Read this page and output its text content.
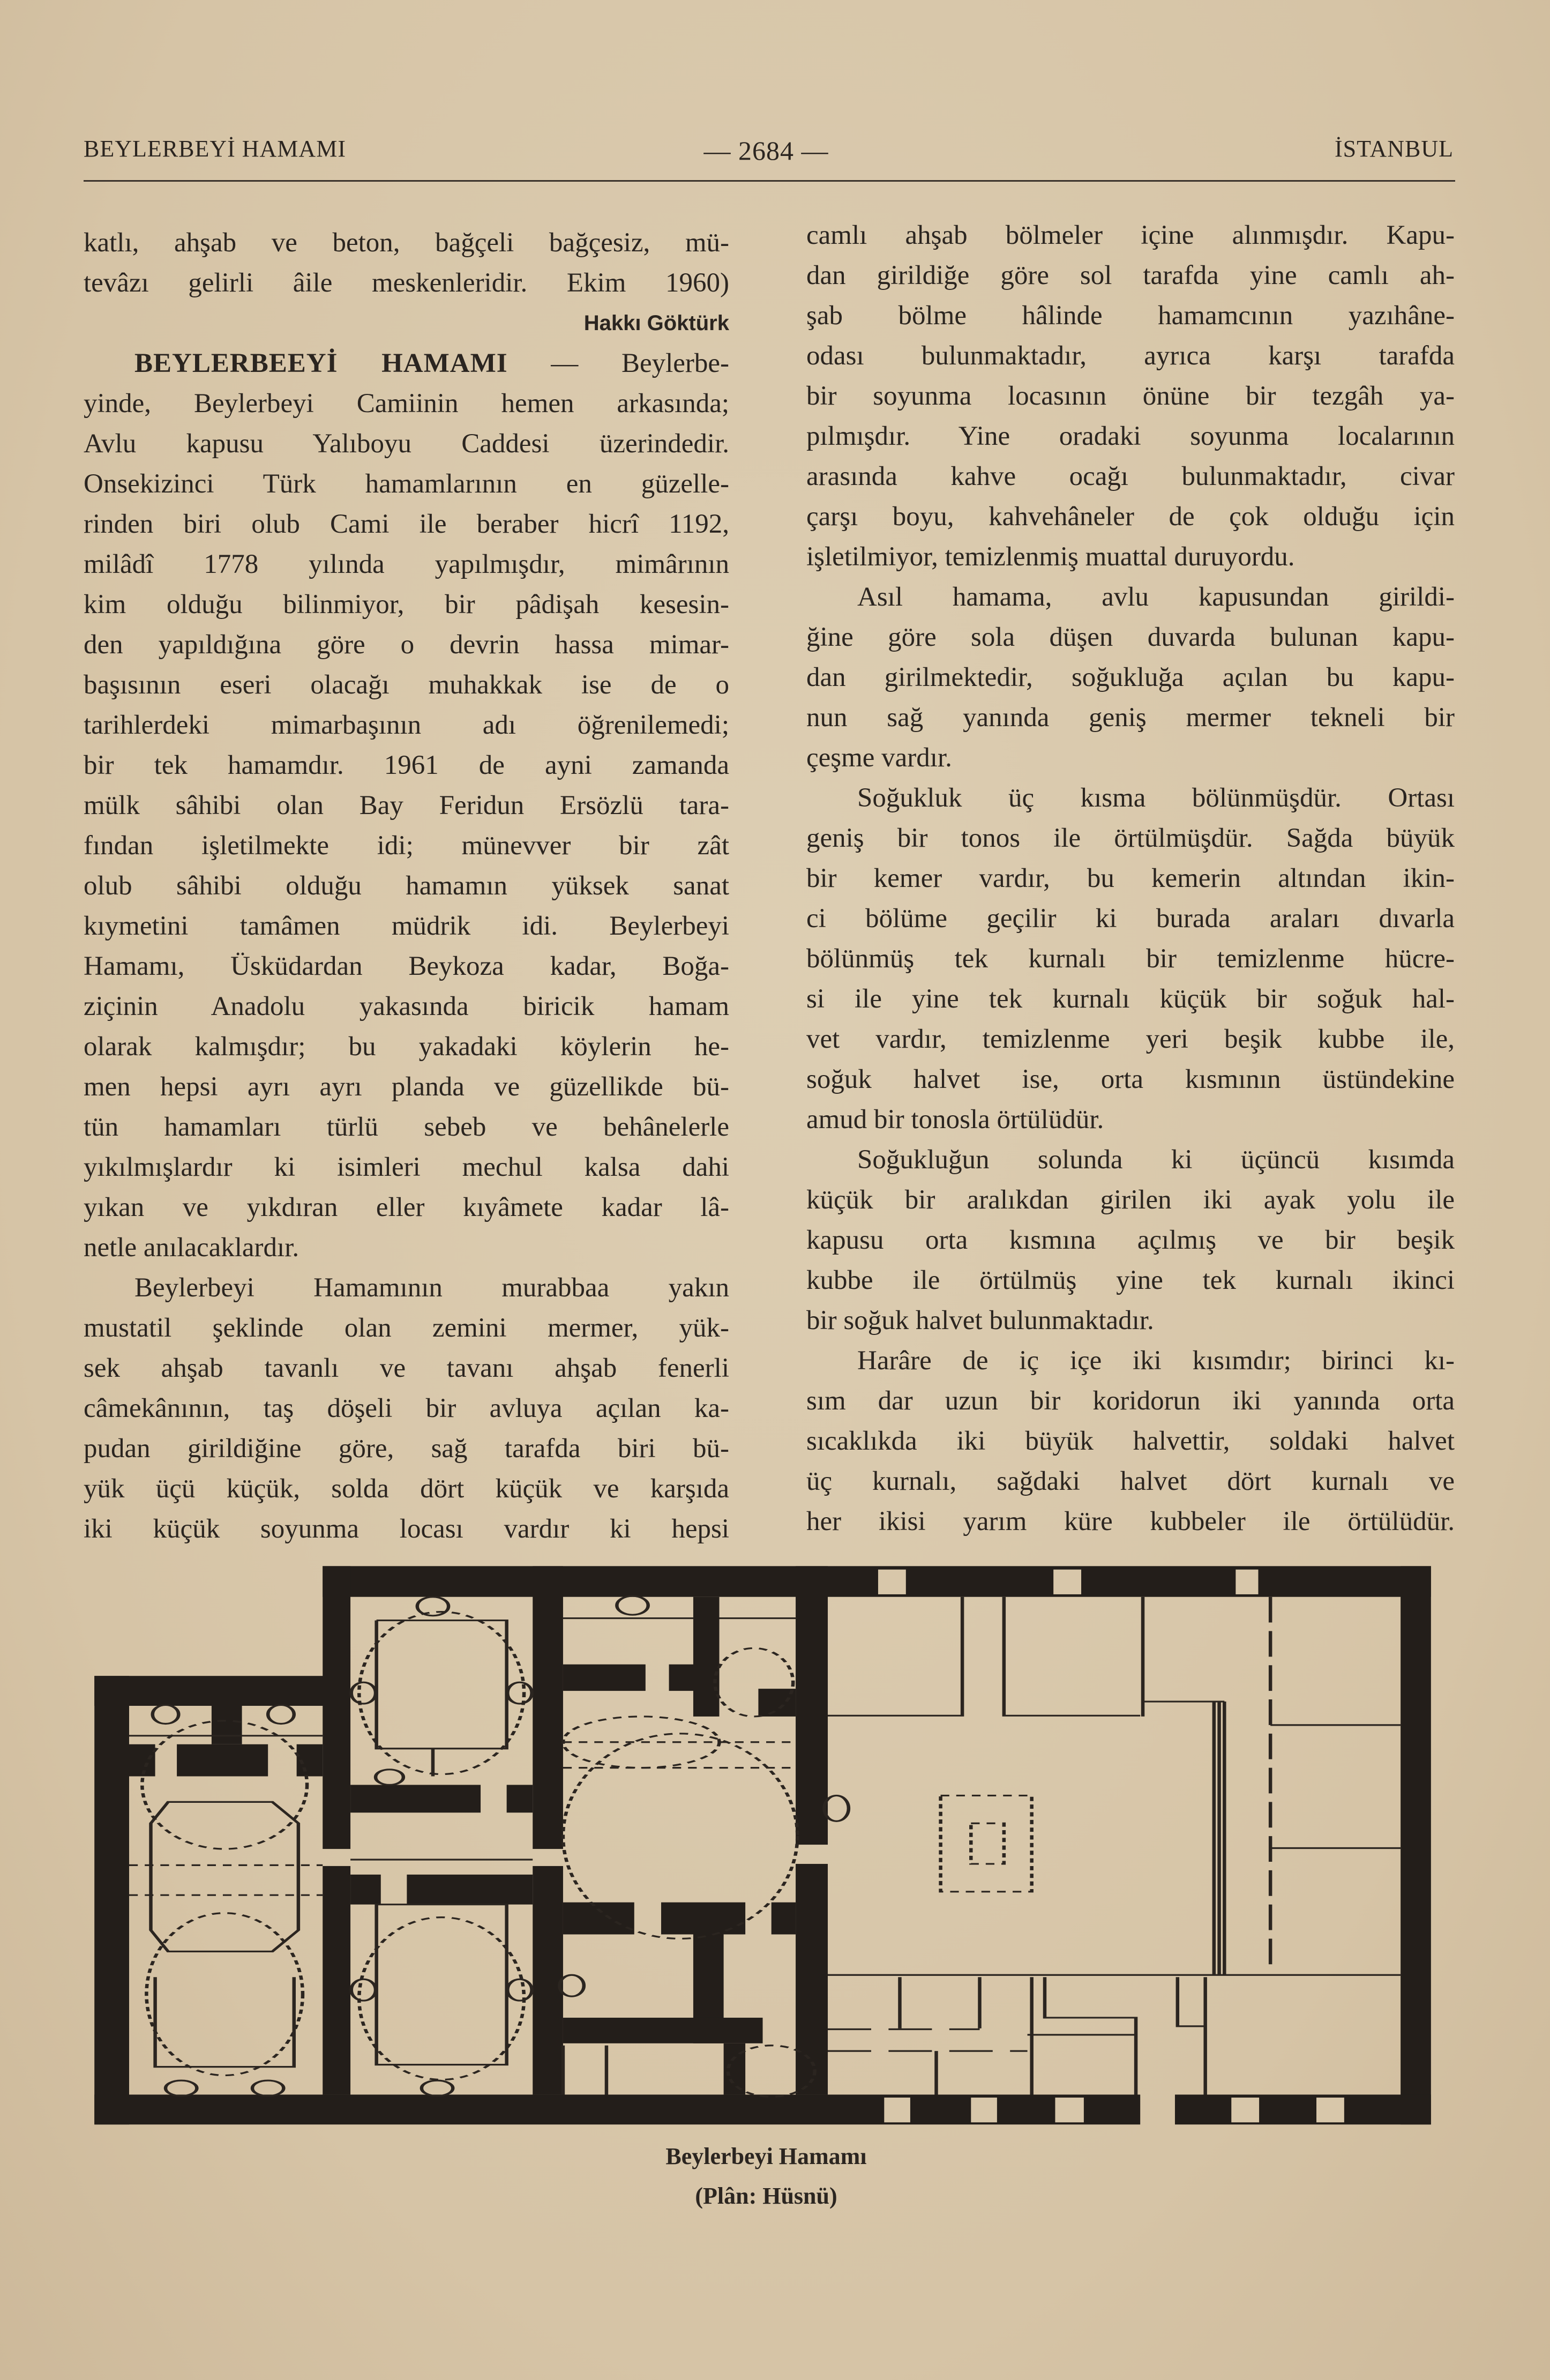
BEYLERBEYİ HAMAMI	— 2684 —	İSTANBUL
katlı, ahşab ve beton, bağçeli bağçesiz, mü-
tevâzı gelirli âile meskenleridir. Ekim 1960)
Hakkı Göktürk
BEYLERBEEYİ HAMAMI — Beylerbe-
yinde, Beylerbeyi Camiinin hemen arkasında;
Avlu kapusu Yalıboyu Caddesi üzerindedir.
Onsekizinci Türk hamamlarının en güzelle-
rinden biri olub Cami ile beraber hicrî 1192,
milâdî 1778 yılında yapılmışdır, mimârının
kim olduğu bilinmiyor, bir pâdişah kesesin-
den yapıldığına göre o devrin hassa mimar-
başısının eseri olacağı muhakkak ise de o
tarihlerdeki mimarbaşının adı öğrenilemedi;
bir tek hamamdır. 1961 de ayni zamanda
mülk sâhibi olan Bay Feridun Ersözlü tara-
fından işletilmekte idi; münevver bir zât
olub sâhibi olduğu hamamın yüksek sanat
kıymetini tamâmen müdrik idi. Beylerbeyi
Hamamı, Üsküdardan Beykoza kadar, Boğa-
ziçinin Anadolu yakasında biricik hamam
olarak kalmışdır; bu yakadaki köylerin he-
men hepsi ayrı ayrı planda ve güzellikde bü-
tün hamamları türlü sebeb ve behânelerle
yıkılmışlardır ki isimleri mechul kalsa dahi
yıkan ve yıkdıran eller kıyâmete kadar lâ-
netle anılacaklardır.
Beylerbeyi Hamamının murabbaa yakın
mustatil şeklinde olan zemini mermer, yük-
sek ahşab tavanlı ve tavanı ahşab fenerli
câmekânının, taş döşeli bir avluya açılan ka-
pudan girildiğine göre, sağ tarafda biri bü-
yük üçü küçük, solda dört küçük ve karşıda
iki küçük soyunma locası vardır ki hepsi
camlı ahşab bölmeler içine alınmışdır. Kapu-
dan girildiğe göre sol tarafda yine camlı ah-
şab bölme hâlinde hamamcının yazıhâne-
odası bulunmaktadır, ayrıca karşı tarafda
bir soyunma locasının önüne bir tezgâh ya-
pılmışdır. Yine oradaki soyunma localarının
arasında kahve ocağı bulunmaktadır, civar
çarşı boyu, kahvehâneler de çok olduğu için
işletilmiyor, temizlenmiş muattal duruyordu.
Asıl hamama, avlu kapusundan girildi-
ğine göre sola düşen duvarda bulunan kapu-
dan girilmektedir, soğukluğa açılan bu kapu-
nun sağ yanında geniş mermer tekneli bir
çeşme vardır.
Soğukluk üç kısma bölünmüşdür. Ortası
geniş bir tonos ile örtülmüşdür. Sağda büyük
bir kemer vardır, bu kemerin altından ikin-
ci bölüme geçilir ki burada araları dıvarla
bölünmüş tek kurnalı bir temizlenme hücre-
si ile yine tek kurnalı küçük bir soğuk hal-
vet vardır, temizlenme yeri beşik kubbe ile,
soğuk halvet ise, orta kısmının üstündekine
amud bir tonosla örtülüdür.
Soğukluğun solunda ki üçüncü kısımda
küçük bir aralıkdan girilen iki ayak yolu ile
kapusu orta kısmına açılmış ve bir beşik
kubbe ile örtülmüş yine tek kurnalı ikinci
bir soğuk halvet bulunmaktadır.
Harâre de iç içe iki kısımdır; birinci kı-
sım dar uzun bir koridorun iki yanında orta
sıcaklıkda iki büyük halvettir, soldaki halvet
üç kurnalı, sağdaki halvet dört kurnalı ve
her ikisi yarım küre kubbeler ile örtülüdür.
Beylerbeyi Hamamı
(Plân: Hüsnü)
